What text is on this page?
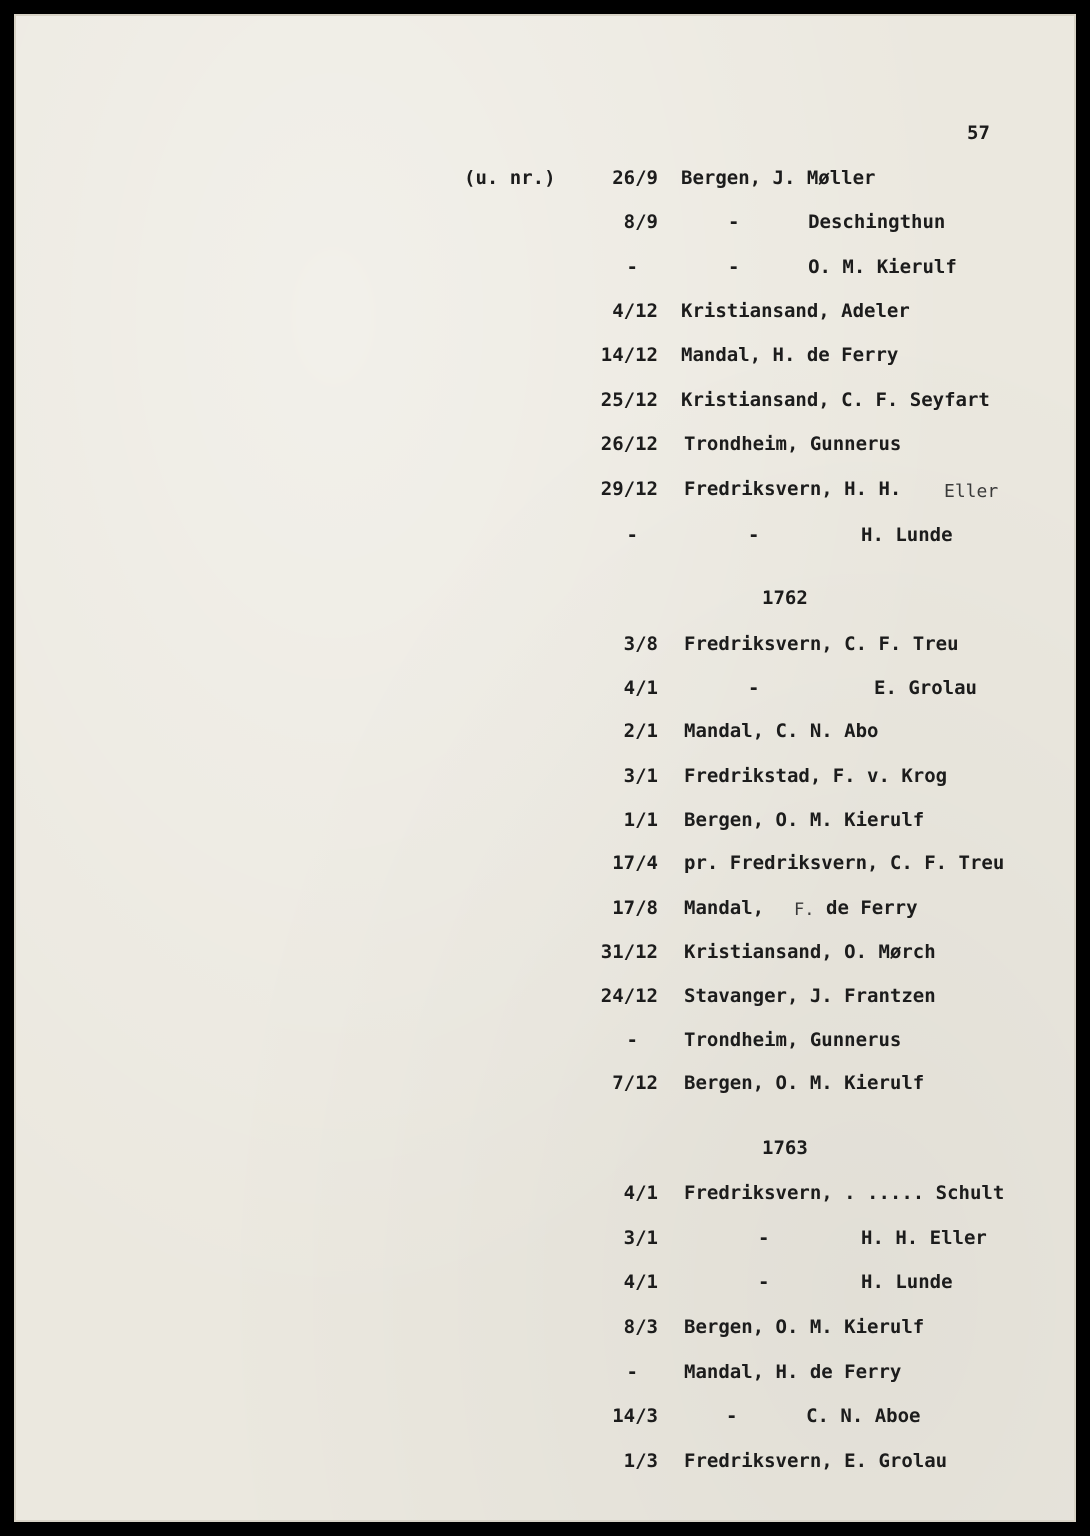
57
(u. nr.)	26/9 Bergen, J. Møller
8/9	-      Deschingthun
-	-      O. M. Kierulf
4/12 Kristiansand, Adeler
14/12 Mandal, H. de Ferry
25/12 Kristiansand, C. F. Seyfart
26/12 Trondheim, Gunnerus
29/12 Fredriksvern, H. H. Eller
-	-	H. Lunde
1762
3/8 Fredriksvern, C. F. Treu
4/1	-	E. Grolau
2/1 Mandal, C. N. Abo
3/1 Fredrikstad, F. v. Krog
1/1 Bergen, O. M. Kierulf
17/4 pr. Fredriksvern, C. F. Treu
17/8 Mandal, F. de Ferry
31/12 Kristiansand, O. Mørch
24/12 Stavanger, J. Frantzen
- Trondheim, Gunnerus
7/12 Bergen, O. M. Kierulf
1763
4/1 Fredriksvern, . ..... Schult
3/1	-	H. H. Eller
4/1	-	H. Lunde
8/3 Bergen, O. M. Kierulf
- Mandal, H. de Ferry
14/3	-      C. N. Aboe
1/3 Fredriksvern, E. Grolau
